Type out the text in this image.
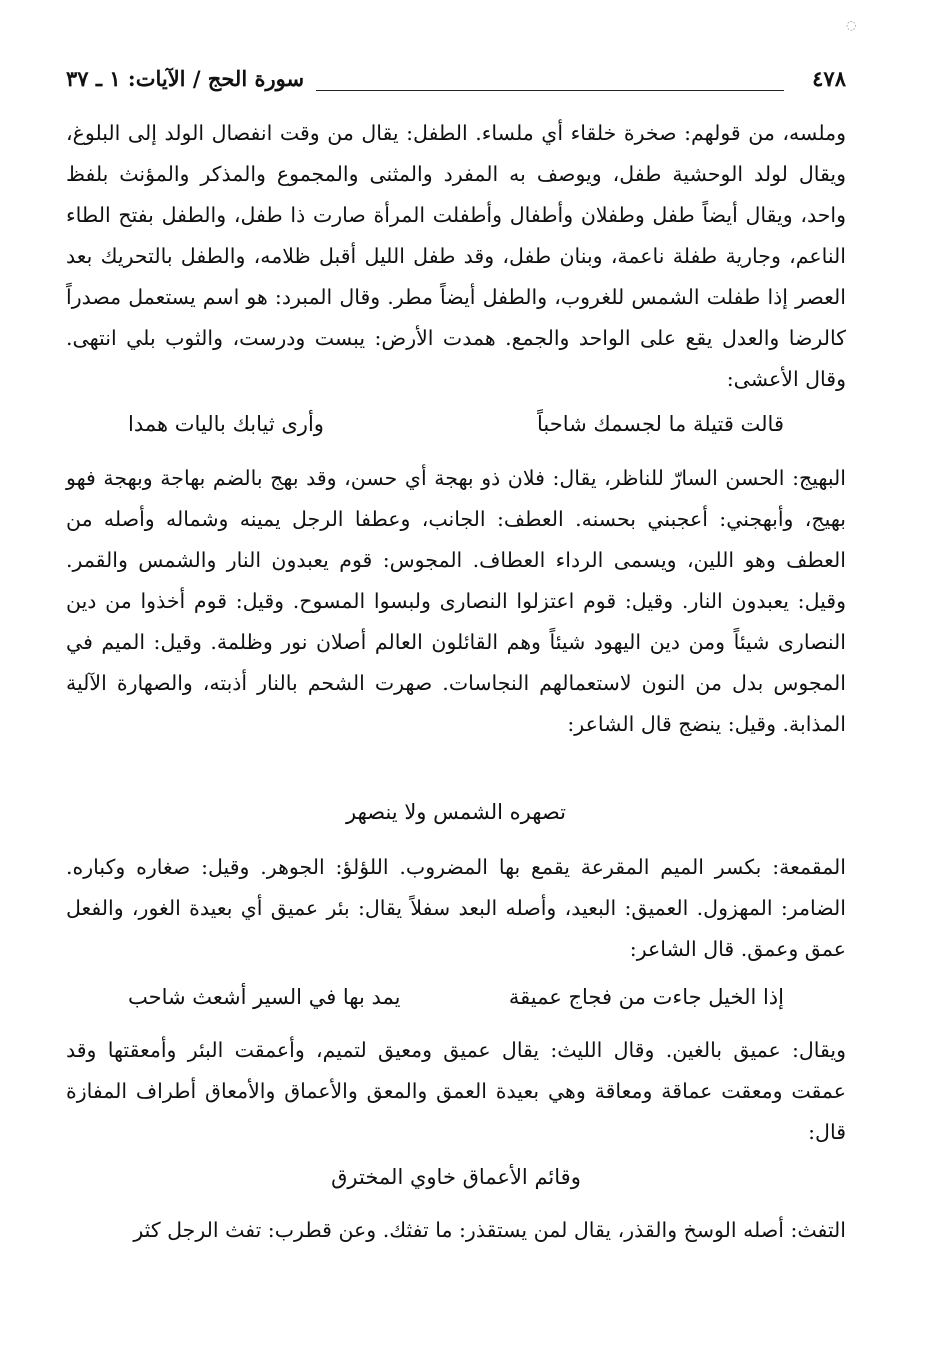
◌
٤٧٨
سورة الحج / الآيات: ١ ـ ٣٧

وملسه، من قولهم: صخرة خلقاء أي ملساء. الطفل: يقال من وقت انفصال الولد إلى البلوغ، ويقال لولد الوحشية طفل، ويوصف به المفرد والمثنى والمجموع والمذكر والمؤنث بلفظ واحد، ويقال أيضاً طفل وطفلان وأطفال وأطفلت المرأة صارت ذا طفل، والطفل بفتح الطاء الناعم، وجارية طفلة ناعمة، وبنان طفل، وقد طفل الليل أقبل ظلامه، والطفل بالتحريك بعد العصر إذا طفلت الشمس للغروب، والطفل أيضاً مطر. وقال المبرد: هو اسم يستعمل مصدراً كالرضا والعدل يقع على الواحد والجمع. همدت الأرض: يبست ودرست، والثوب بلي انتهى. وقال الأعشى:

قالت قتيلة ما لجسمك شاحباً
وأرى ثيابك باليات همدا

البهيج: الحسن السارّ للناظر، يقال: فلان ذو بهجة أي حسن، وقد بهج بالضم بهاجة وبهجة فهو بهيج، وأبهجني: أعجبني بحسنه. العطف: الجانب، وعطفا الرجل يمينه وشماله وأصله من العطف وهو اللين، ويسمى الرداء العطاف. المجوس: قوم يعبدون النار والشمس والقمر. وقيل: يعبدون النار. وقيل: قوم اعتزلوا النصارى ولبسوا المسوح. وقيل: قوم أخذوا من دين النصارى شيئاً ومن دين اليهود شيئاً وهم القائلون العالم أصلان نور وظلمة. وقيل: الميم في المجوس بدل من النون لاستعمالهم النجاسات. صهرت الشحم بالنار أذبته، والصهارة الآلية المذابة. وقيل: ينضج قال الشاعر:

تصهره الشمس ولا ينصهر

المقمعة: بكسر الميم المقرعة يقمع بها المضروب. اللؤلؤ: الجوهر. وقيل: صغاره وكباره. الضامر: المهزول. العميق: البعيد، وأصله البعد سفلاً يقال: بئر عميق أي بعيدة الغور، والفعل عمق وعمق. قال الشاعر:

إذا الخيل جاءت من فجاج عميقة
يمد بها في السير أشعث شاحب

ويقال: عميق بالغين. وقال الليث: يقال عميق ومعيق لتميم، وأعمقت البئر وأمعقتها وقد عمقت ومعقت عماقة ومعاقة وهي بعيدة العمق والمعق والأعماق والأمعاق أطراف المفازة قال:

وقائم الأعماق خاوي المخترق

التفث: أصله الوسخ والقذر، يقال لمن يستقذر: ما تفثك. وعن قطرب: تفث الرجل كثر
